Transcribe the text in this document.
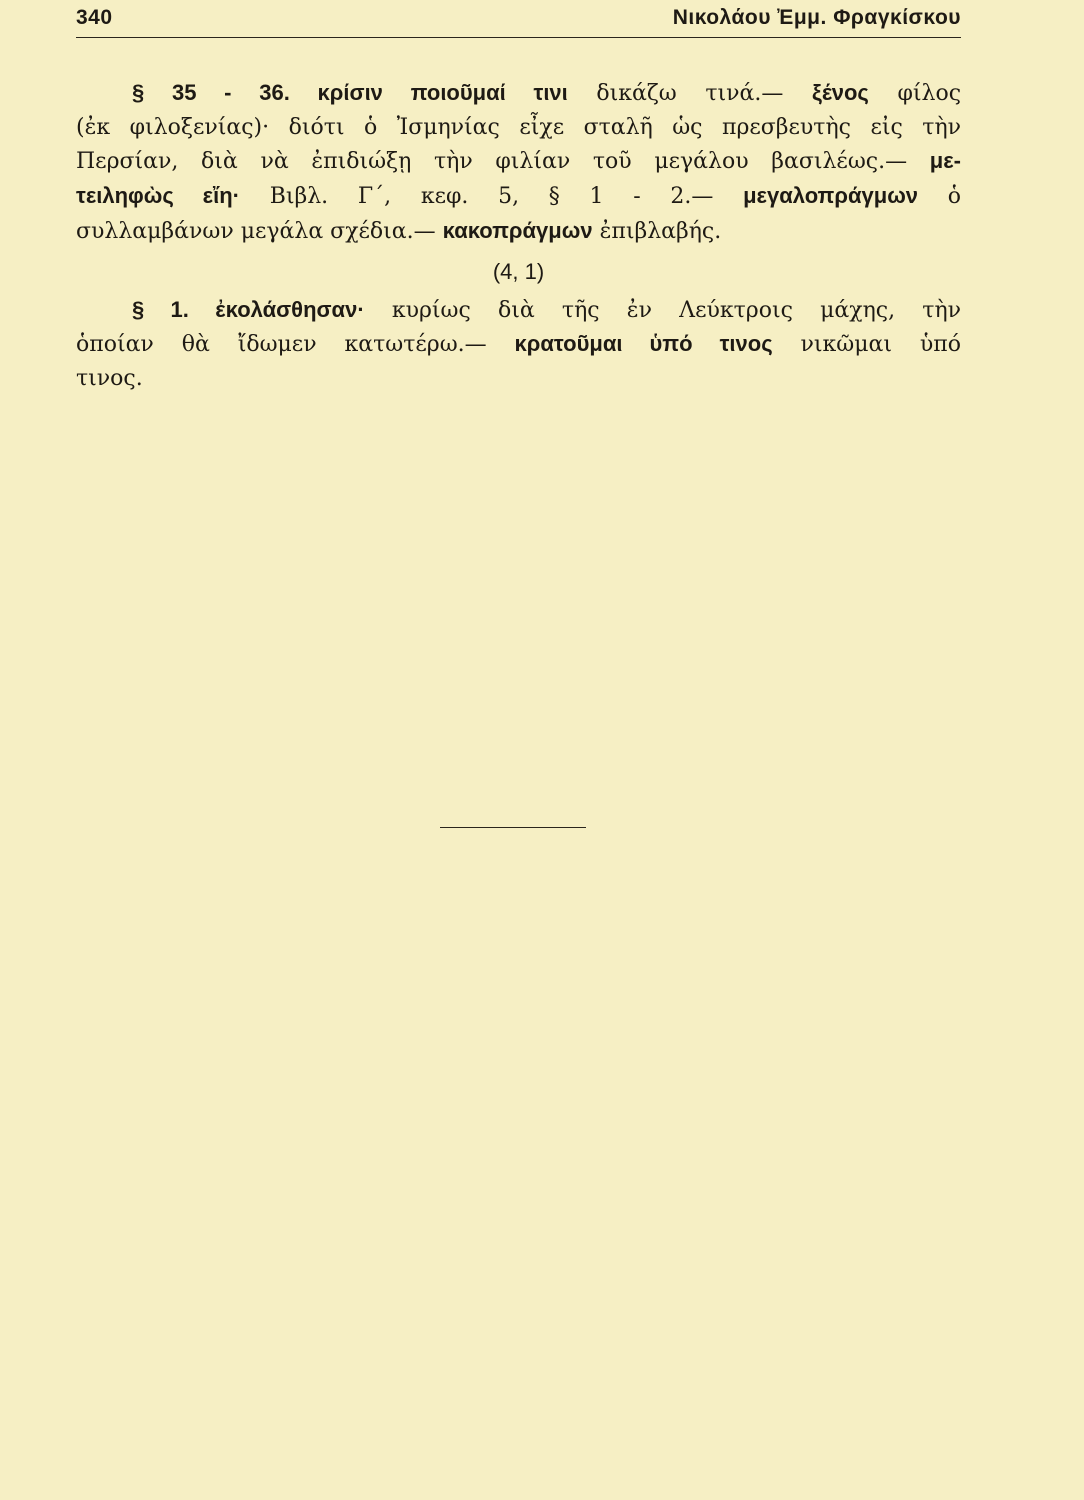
340	Νικολάου Ἐμμ. Φραγκίσκου

§ 35 - 36. κρίσιν ποιοῦμαί τινι δικάζω τινά.— ξένος φίλος
(ἐκ φιλοξενίας)· διότι ὁ Ἰσμηνίας εἶχε σταλῆ ὡς πρεσβευτὴς εἰς τὴν
Περσίαν, διὰ νὰ ἐπιδιώξῃ τὴν φιλίαν τοῦ μεγάλου βασιλέως.— με-
τειληφὼς εἴη· Βιβλ. Γ΄, κεφ. 5, § 1 - 2.— μεγαλοπράγμων ὁ
συλλαμβάνων μεγάλα σχέδια.— κακοπράγμων ἐπιβλαβής.

(4, 1)

§ 1. ἐκολάσθησαν· κυρίως διὰ τῆς ἐν Λεύκτροις μάχης, τὴν
ὁποίαν θὰ ἴδωμεν κατωτέρω.— κρατοῦμαι ὑπό τινος νικῶμαι ὑπό
τινος.
